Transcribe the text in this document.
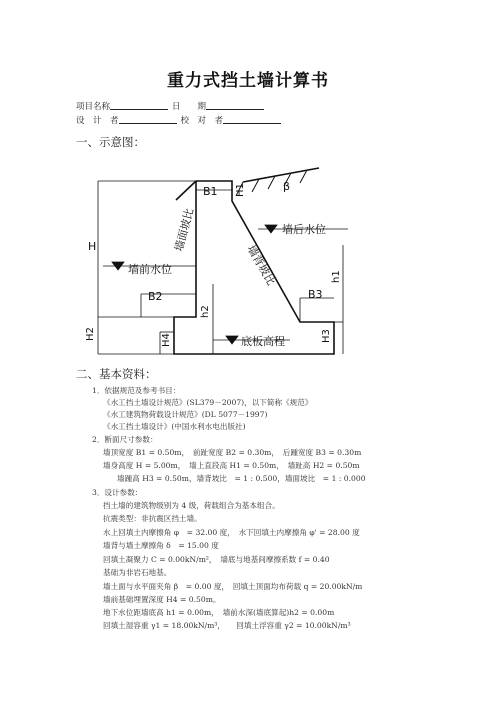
重力式挡土墙计算书
项目名称	日　　期
设　计　者	校　对　者
一、示意图：
B1 H1	β
墙面坡比
墙背坡比
墙后水位
H
墙前水位
B2
h2
B3
h1
H2	H4	H3
底板高程
二、基本资料：
1．依据规范及参考书目：
《水工挡土墙设计规范》(SL379－2007)，以下简称《规范》
《水工建筑物荷载设计规范》(DL 5077－1997)
《水工挡土墙设计》(中国水利水电出版社)
2．断面尺寸参数：
墙顶宽度 B1 = 0.50m，　前趾宽度 B2 = 0.30m，　后踵宽度 B3 = 0.30m
墙身高度 H = 5.00m，　墙上直段高 H1 = 0.50m，　墙趾高 H2 = 0.50m
墙踵高 H3 = 0.50m，墙背坡比　= 1 : 0.500，墙面坡比　= 1 : 0.000
3．设计参数：
挡土墙的建筑物级别为 4 级，荷载组合为基本组合。
抗震类型：非抗震区挡土墙。
水上回填土内摩擦角 φ　= 32.00 度，　水下回填土内摩擦角 φ' = 28.00 度
墙背与墙土摩擦角 δ　= 15.00 度
回填土凝聚力 C = 0.00kN/m²，　墙底与地基间摩擦系数 f = 0.40
基础为非岩石地基。
墙土面与水平面夹角 β　= 0.00 度，　回填土顶面均布荷载 q = 20.00kN/m
墙前基础埋置深度 H4 = 0.50m。
地下水位距墙底高 h1 = 0.00m，　墙前水深(墙底算起)h2 = 0.00m
回填土湿容重 γ1 = 18.00kN/m³，　　回填土浮容重 γ2 = 10.00kN/m³
